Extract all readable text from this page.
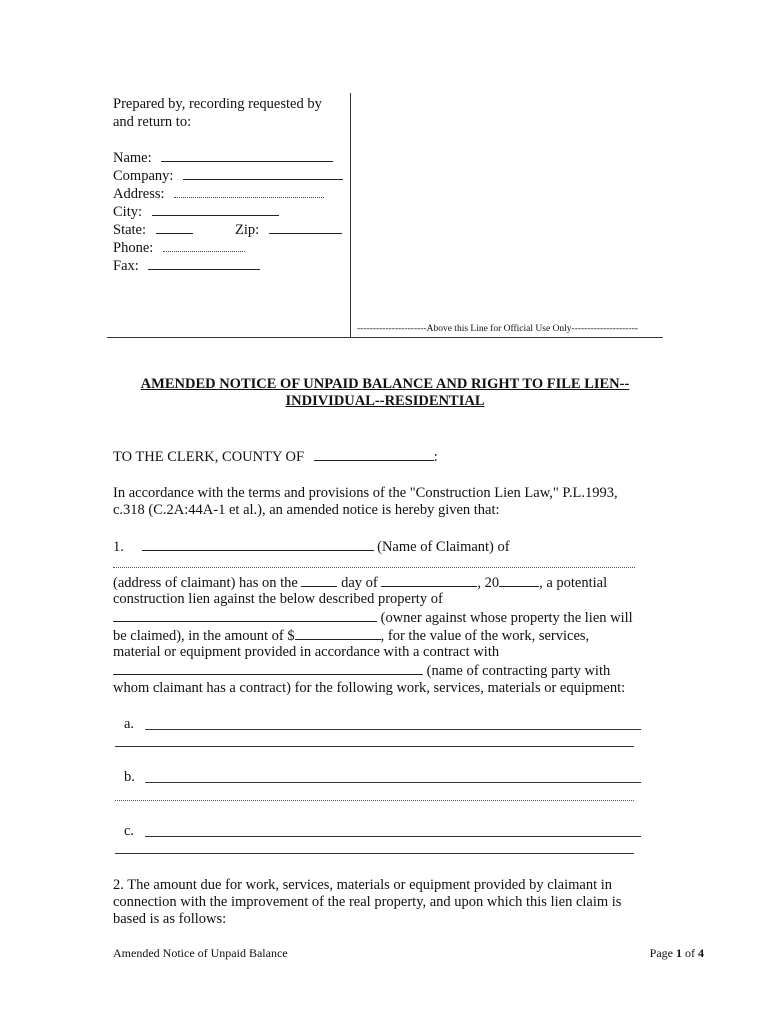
Prepared by, recording requested by
and return to:
Name:
Company:
Address:
City:
State:	Zip:
Phone:
Fax:
----------------------Above this Line for Official Use Only---------------------
AMENDED NOTICE OF UNPAID BALANCE AND RIGHT TO FILE LIEN--
INDIVIDUAL--RESIDENTIAL
TO THE CLERK, COUNTY OF	:
In accordance with the terms and provisions of the "Construction Lien Law," P.L.1993,
c.318 (C.2A:44A-1 et al.), an amended notice is hereby given that:
1.	(Name of Claimant) of
(address of claimant) has on the	day of	, 20	, a potential
construction lien against the below described property of
(owner against whose property the lien will
be claimed), in the amount of $	, for the value of the work, services,
material or equipment provided in accordance with a contract with
(name of contracting party with
whom claimant has a contract) for the following work, services, materials or equipment:
a.
b.
c.
2. The amount due for work, services, materials or equipment provided by claimant in
connection with the improvement of the real property, and upon which this lien claim is
based is as follows:
Amended Notice of Unpaid Balance	Page 1 of 4
